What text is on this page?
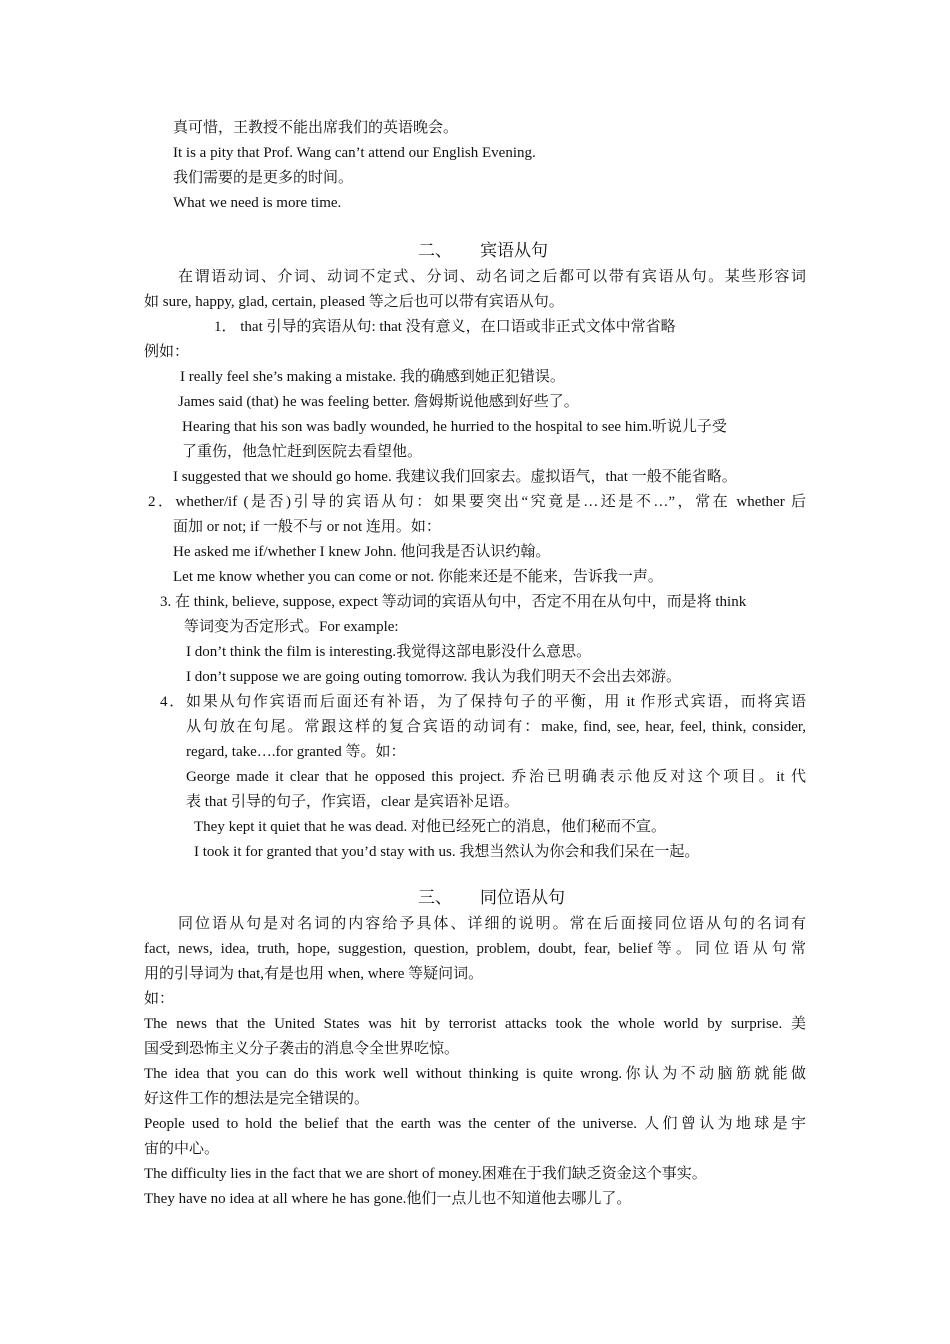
真可惜，王教授不能出席我们的英语晚会。
It is a pity that Prof. Wang can’t attend our English Evening.
我们需要的是更多的时间。
What we need is more time.
二、 宾语从句
在谓语动词、介词、动词不定式、分词、动名词之后都可以带有宾语从句。某些形容词
如 sure, happy, glad, certain, pleased 等之后也可以带有宾语从句。
1． that 引导的宾语从句: that 没有意义，在口语或非正式文体中常省略
例如：
I really feel she’s making a mistake. 我的确感到她正犯错误。
James said (that) he was feeling better. 詹姆斯说他感到好些了。
Hearing that his son was badly wounded, he hurried to the hospital to see him.听说儿子受
了重伤，他急忙赶到医院去看望他。
I suggested that we should go home. 我建议我们回家去。虚拟语气，that 一般不能省略。
2．whether/if (是否)引导的宾语从句：如果要突出“究竟是…还是不…”，常在 whether 后
面加 or not; if 一般不与 or not 连用。如：
He asked me if/whether I knew John. 他问我是否认识约翰。
Let me know whether you can come or not. 你能来还是不能来，告诉我一声。
3. 在 think, believe, suppose, expect 等动词的宾语从句中，否定不用在从句中，而是将 think
等词变为否定形式。For example:
I don’t think the film is interesting.我觉得这部电影没什么意思。
I don’t suppose we are going outing tomorrow. 我认为我们明天不会出去郊游。
4．如果从句作宾语而后面还有补语，为了保持句子的平衡，用 it 作形式宾语，而将宾语
从句放在句尾。常跟这样的复合宾语的动词有：make, find, see, hear, feel, think, consider,
regard, take….for granted 等。如：
George made it clear that he opposed this project. 乔治已明确表示他反对这个项目。it 代
表 that 引导的句子，作宾语，clear 是宾语补足语。
They kept it quiet that he was dead. 对他已经死亡的消息，他们秘而不宣。
I took it for granted that you’d stay with us. 我想当然认为你会和我们呆在一起。
三、 同位语从句
同位语从句是对名词的内容给予具体、详细的说明。常在后面接同位语从句的名词有
fact, news, idea, truth, hope, suggestion, question, problem, doubt, fear, belief等。同位语从句常
用的引导词为 that,有是也用 when, where 等疑问词。
如：
The news that the United States was hit by terrorist attacks took the whole world by surprise. 美
国受到恐怖主义分子袭击的消息令全世界吃惊。
The idea that you can do this work well without thinking is quite wrong.你认为不动脑筋就能做
好这件工作的想法是完全错误的。
People used to hold the belief that the earth was the center of the universe. 人们曾认为地球是宇
宙的中心。
The difficulty lies in the fact that we are short of money.困难在于我们缺乏资金这个事实。
They have no idea at all where he has gone.他们一点儿也不知道他去哪儿了。
